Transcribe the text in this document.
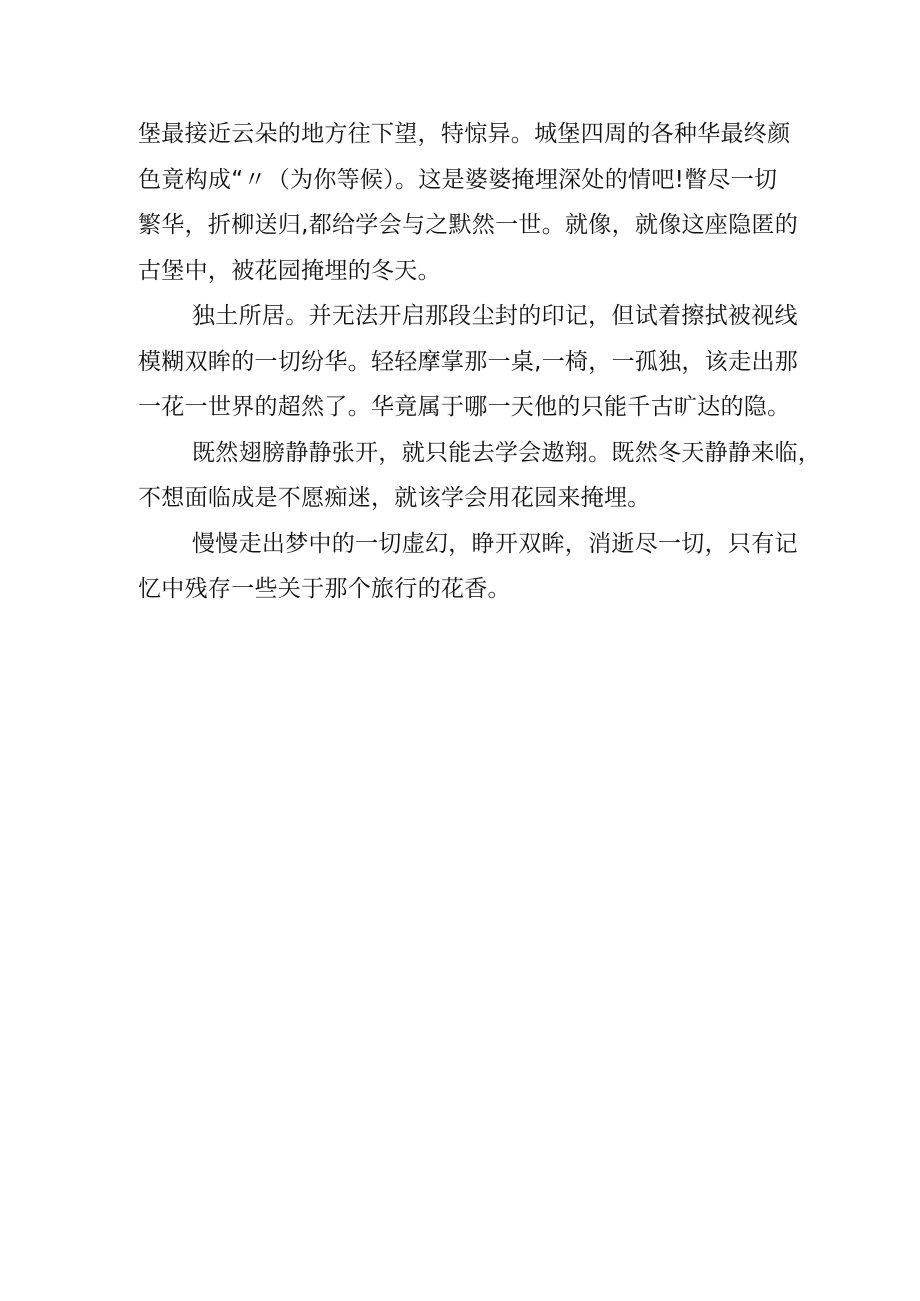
堡最接近云朵的地方往下望，特惊异。城堡四周的各种华最终颜
色竟构成“〃（为你等候）。这是婆婆掩埋深处的情吧!瞥尽一切
繁华，折柳送归,都给学会与之默然一世。就像，就像这座隐匿的
古堡中，被花园掩埋的冬天。

独土所居。并无法开启那段尘封的印记，但试着擦拭被视线
模糊双眸的一切纷华。轻轻摩掌那一桌,一椅，一孤独，该走出那
一花一世界的超然了。华竟属于哪一天他的只能千古旷达的隐。

既然翅膀静静张开，就只能去学会遨翔。既然冬天静静来临，
不想面临成是不愿痴迷，就该学会用花园来掩埋。

慢慢走出梦中的一切虚幻，睁开双眸，消逝尽一切，只有记
忆中残存一些关于那个旅行的花香。
